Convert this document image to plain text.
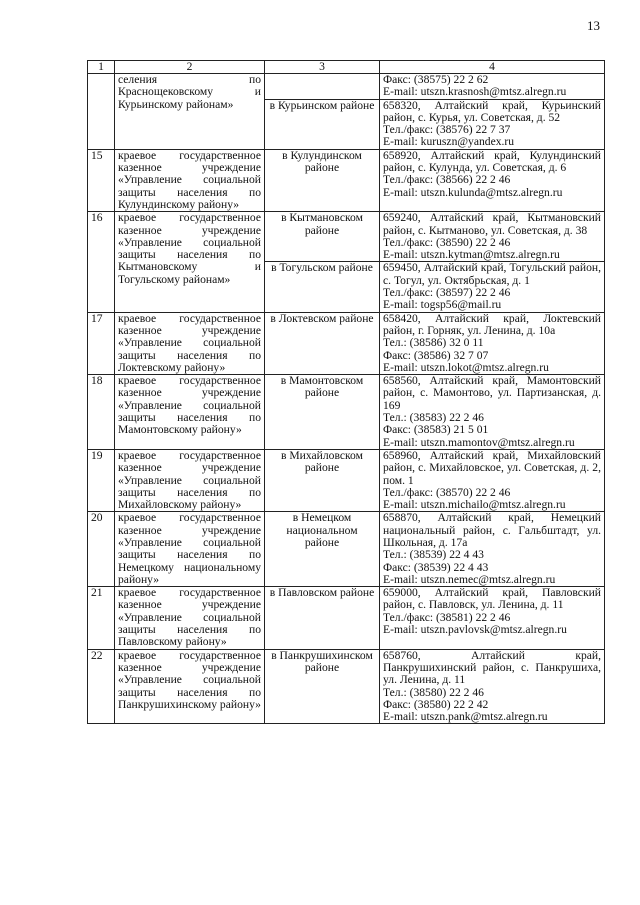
13
1	2	3	4
	селения по Краснощековскому и Курьинскому районам»		Факс: (38575) 22 2 62
E-mail: utszn.krasnosh@mtsz.alregn.ru

		в Курьинском районе	658320, Алтайский край, Курьинский район, с. Курья, ул. Советская, д. 52
Тел./факс: (38576) 22 7 37
E-mail: kuruszn@yandex.ru

15	краевое государственное казенное учреждение «Управление социальной защиты населения по Кулундинскому району»	в Кулундинском районе	658920, Алтайский край, Кулундинский район, с. Кулунда, ул. Советская, д. 6
Тел./факс: (38566) 22 2 46
E-mail: utszn.kulunda@mtsz.alregn.ru

16	краевое государственное казенное учреждение «Управление социальной защиты населения по Кытмановскому и Тогульскому районам»	в Кытмановском районе	659240, Алтайский край, Кытмановский район, с. Кытманово, ул. Советская, д. 38
Тел./факс: (38590) 22 2 46
E-mail: utszn.kytman@mtsz.alregn.ru

		в Тогульском районе	659450, Алтайский край, Тогульский район, с. Тогул, ул. Октябрьская, д. 1
Тел./факс: (38597) 22 2 46
E-mail: togsp56@mail.ru

17	краевое государственное казенное учреждение «Управление социальной защиты населения по Локтевскому району»	в Локтевском районе	658420, Алтайский край, Локтевский район, г. Горняк, ул. Ленина, д. 10а
Тел.: (38586) 32 0 11
Факс: (38586) 32 7 07
E-mail: utszn.lokot@mtsz.alregn.ru

18	краевое государственное казенное учреждение «Управление социальной защиты населения по Мамонтовскому району»	в Мамонтовском районе	658560, Алтайский край, Мамонтовский район, с. Мамонтово, ул. Партизанская, д. 169
Тел.: (38583) 22 2 46
Факс: (38583) 21 5 01
E-mail: utszn.mamontov@mtsz.alregn.ru

19	краевое государственное казенное учреждение «Управление социальной защиты населения по Михайловскому району»	в Михайловском районе	658960, Алтайский край, Михайловский район, с. Михайловское, ул. Советская, д. 2, пом. 1
Тел./факс: (38570) 22 2 46
E-mail: utszn.michailo@mtsz.alregn.ru

20	краевое государственное казенное учреждение «Управление социальной защиты населения по Немецкому национальному району»	в Немецком национальном районе	658870, Алтайский край, Немецкий национальный район, с. Гальбштадт, ул. Школьная, д. 17а
Тел.: (38539) 22 4 43
Факс: (38539) 22 4 43
E-mail: utszn.nemec@mtsz.alregn.ru

21	краевое государственное казенное учреждение «Управление социальной защиты населения по Павловскому району»	в Павловском районе	659000, Алтайский край, Павловский район, с. Павловск, ул. Ленина, д. 11
Тел./факс: (38581) 22 2 46
E-mail: utszn.pavlovsk@mtsz.alregn.ru

22	краевое государственное казенное учреждение «Управление социальной защиты населения по Панкрушихинскому району»	в Панкрушихинском районе	658760, Алтайский край, Панкрушихинский район, с. Панкрушиха, ул. Ленина, д. 11
Тел.: (38580) 22 2 46
Факс: (38580) 22 2 42
E-mail: utszn.pank@mtsz.alregn.ru
